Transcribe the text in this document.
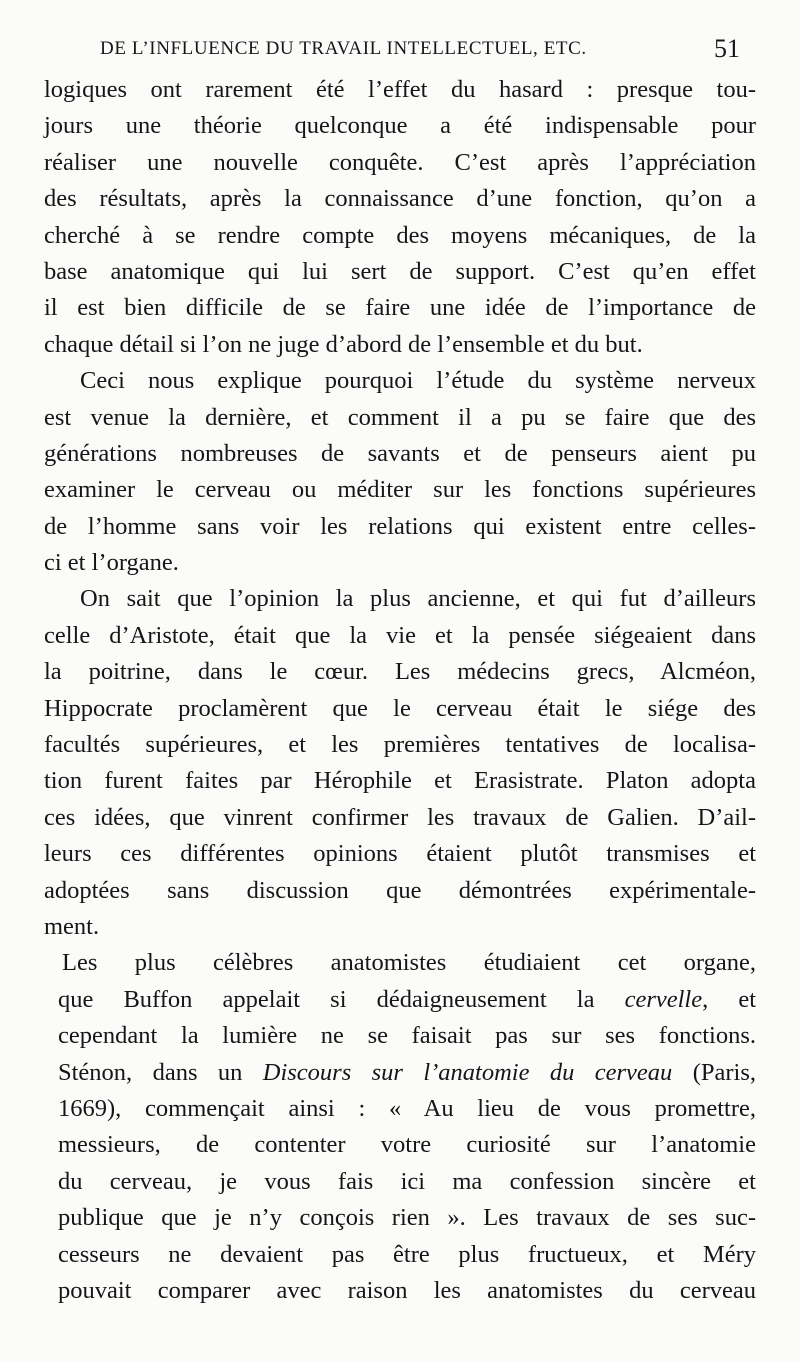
DE L’INFLUENCE DU TRAVAIL INTELLECTUEL, ETC.	51
logiques ont rarement été l’effet du hasard : presque tou-
jours une théorie quelconque a été indispensable pour
réaliser une nouvelle conquête. C’est après l’appréciation
des résultats, après la connaissance d’une fonction, qu’on a
cherché à se rendre compte des moyens mécaniques, de la
base anatomique qui lui sert de support. C’est qu’en effet
il est bien difficile de se faire une idée de l’importance de
chaque détail si l’on ne juge d’abord de l’ensemble et du but.
Ceci nous explique pourquoi l’étude du système nerveux
est venue la dernière, et comment il a pu se faire que des
générations nombreuses de savants et de penseurs aient pu
examiner le cerveau ou méditer sur les fonctions supérieures
de l’homme sans voir les relations qui existent entre celles-
ci et l’organe.
On sait que l’opinion la plus ancienne, et qui fut d’ailleurs
celle d’Aristote, était que la vie et la pensée siégeaient dans
la poitrine, dans le cœur. Les médecins grecs, Alcméon,
Hippocrate proclamèrent que le cerveau était le siége des
facultés supérieures, et les premières tentatives de localisa-
tion furent faites par Hérophile et Erasistrate. Platon adopta
ces idées, que vinrent confirmer les travaux de Galien. D’ail-
leurs ces différentes opinions étaient plutôt transmises et
adoptées sans discussion que démontrées expérimentale-
ment.
Les plus célèbres anatomistes étudiaient cet organe,
que Buffon appelait si dédaigneusement la cervelle, et
cependant la lumière ne se faisait pas sur ses fonctions.
Sténon, dans un Discours sur l’anatomie du cerveau (Paris,
1669), commençait ainsi : « Au lieu de vous promettre,
messieurs, de contenter votre curiosité sur l’anatomie
du cerveau, je vous fais ici ma confession sincère et
publique que je n’y conçois rien ». Les travaux de ses suc-
cesseurs ne devaient pas être plus fructueux, et Méry
pouvait comparer avec raison les anatomistes du cerveau
